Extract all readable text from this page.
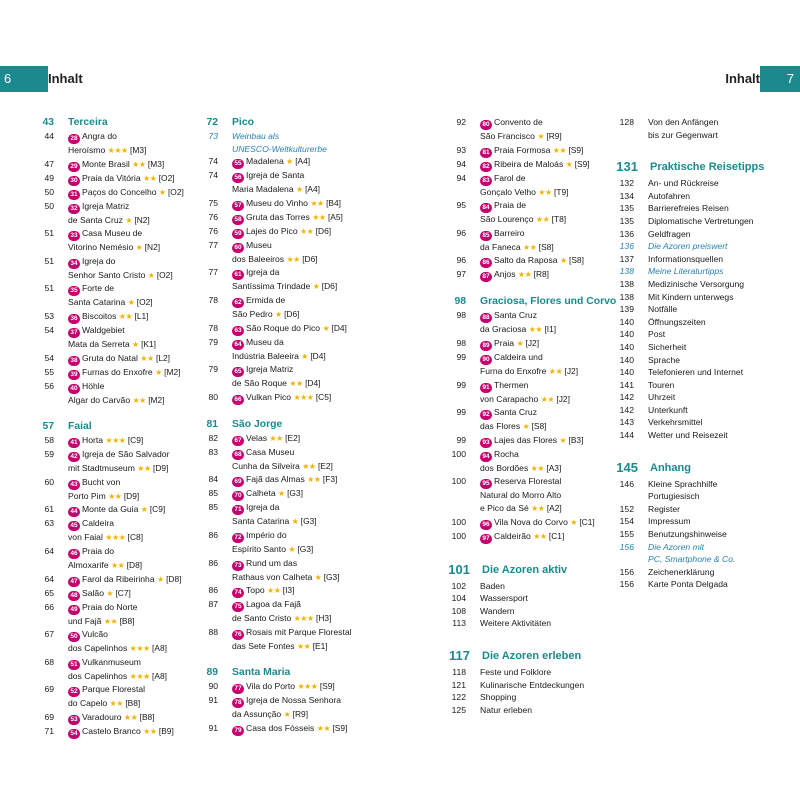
6	Inhalt	Inhalt	7
43 Terceira
44	28 Angra do
Heroísmo ★★★ [M3]
47	29 Monte Brasil ★★ [M3]
49	30 Praia da Vitória ★★ [O2]
50	31 Paços do Concelho ★ [O2]
50	32 Igreja Matriz
de Santa Cruz ★ [N2]
51	33 Casa Museu de
Vitorino Nemésio ★ [N2]
51	34 Igreja do
Senhor Santo Cristo ★ [O2]
51	35 Forte de
Santa Catarina ★ [O2]
53	36 Biscoitos ★★ [L1]
54	37 Waldgebiet
Mata da Serreta ★ [K1]
54	38 Gruta do Natal ★★ [L2]
55	39 Furnas do Enxofre ★ [M2]
56	40 Höhle
Algar do Carvão ★★ [M2]
57 Faial
58	41 Horta ★★★ [C9]
59	42 Igreja de São Salvador
mit Stadtmuseum ★★ [D9]
60	43 Bucht von
Porto Pim ★★ [D9]
61	44 Monte da Guia ★ [C9]
63	45 Caldeira
von Faial ★★★ [C8]
64	46 Praia do
Almoxarife ★★ [D8]
64	47 Farol da Ribeirinha ★ [D8]
65	48 Salão ★ [C7]
66	49 Praia do Norte
und Fajã ★★ [B8]
67	50 Vulcão
dos Capelinhos ★★★ [A8]
68	51 Vulkanmuseum
dos Capelinhos ★★★ [A8]
69	52 Parque Florestal
do Capelo ★★ [B8]
69	53 Varadouro ★★ [B8]
71	54 Castelo Branco ★★ [B9]
72 Pico
73 Weinbau als
UNESCO-Weltkulturerbe
74	55 Madalena ★ [A4]
74	56 Igreja de Santa
Maria Madalena ★ [A4]
75	57 Museu do Vinho ★★ [B4]
76	58 Gruta das Torres ★★ [A5]
76	59 Lajes do Pico ★★ [D6]
77	60 Museu
dos Baleeiros ★★ [D6]
77	61 Igreja da
Santíssima Trindade ★ [D6]
78	62 Ermida de
São Pedro ★ [D6]
78	63 São Roque do Pico ★ [D4]
79	64 Museu da
Indústria Baleeira ★ [D4]
79	65 Igreja Matriz
de São Roque ★★ [D4]
80	66 Vulkan Pico ★★★ [C5]
81 São Jorge
82	67 Velas ★★ [E2]
83	68 Casa Museu
Cunha da Silveira ★★ [E2]
84	69 Fajã das Almas ★★ [F3]
85	70 Calheta ★ [G3]
85	71 Igreja da
Santa Catarina ★ [G3]
86	72 Império do
Espírito Santo ★ [G3]
86	73 Rund um das
Rathaus von Calheta ★ [G3]
86	74 Topo ★★ [I3]
87	75 Lagoa da Fajã
de Santo Cristo ★★★ [H3]
88	76 Rosais mit Parque Florestal
das Sete Fontes ★★ [E1]
89 Santa Maria
90	77 Vila do Porto ★★★ [S9]
91	78 Igreja de Nossa Senhora
da Assunção ★ [R9]
91	79 Casa dos Fósseis ★★ [S9]
92	80 Convento de
São Francisco ★ [R9]
93	81 Praia Formosa ★★ [S9]
94	82 Ribeira de Maloás ★ [S9]
94	83 Farol de
Gonçalo Velho ★★ [T9]
95	84 Praia de
São Lourenço ★★ [T8]
96	85 Barreiro
da Faneca ★★ [S8]
96	86 Salto da Raposa ★ [S8]
97	87 Anjos ★★ [R8]
98 Graciosa, Flores und Corvo
98	88 Santa Cruz
da Graciosa ★★ [I1]
98	89 Praia ★ [J2]
99	90 Caldeira und
Furna do Enxofre ★★ [J2]
99	91 Thermen
von Carapacho ★★ [J2]
99	92 Santa Cruz
das Flores ★ [S8]
99	93 Lajes das Flores ★ [B3]
100	94 Rocha
dos Bordões ★★ [A3]
100	95 Reserva Florestal
Natural do Morro Alto
e Pico da Sé ★★ [A2]
100	96 Vila Nova do Corvo ★ [C1]
100	97 Caldeirão ★★ [C1]
101 Die Azoren aktiv
102 Baden
104 Wassersport
108 Wandern
113 Weitere Aktivitäten
117 Die Azoren erleben
118 Feste und Folklore
121 Kulinarische Entdeckungen
122 Shopping
125 Natur erleben
128 Von den Anfängen
bis zur Gegenwart
131 Praktische Reisetipps
132 An- und Rückreise
134 Autofahren
135 Barrierefreies Reisen
135 Diplomatische Vertretungen
136 Geldfragen
136 Die Azoren preiswert
137 Informationsquellen
138 Meine Literaturtipps
138 Medizinische Versorgung
138 Mit Kindern unterwegs
139 Notfälle
140 Öffnungszeiten
140 Post
140 Sicherheit
140 Sprache
140 Telefonieren und Internet
141 Touren
142 Uhrzeit
142 Unterkunft
143 Verkehrsmittel
144 Wetter und Reisezeit
145 Anhang
146 Kleine Sprachhilfe
Portugiesisch
152 Register
154 Impressum
155 Benutzungshinweise
156 Die Azoren mit
PC, Smartphone & Co.
156 Zeichenerklärung
156 Karte Ponta Delgada
